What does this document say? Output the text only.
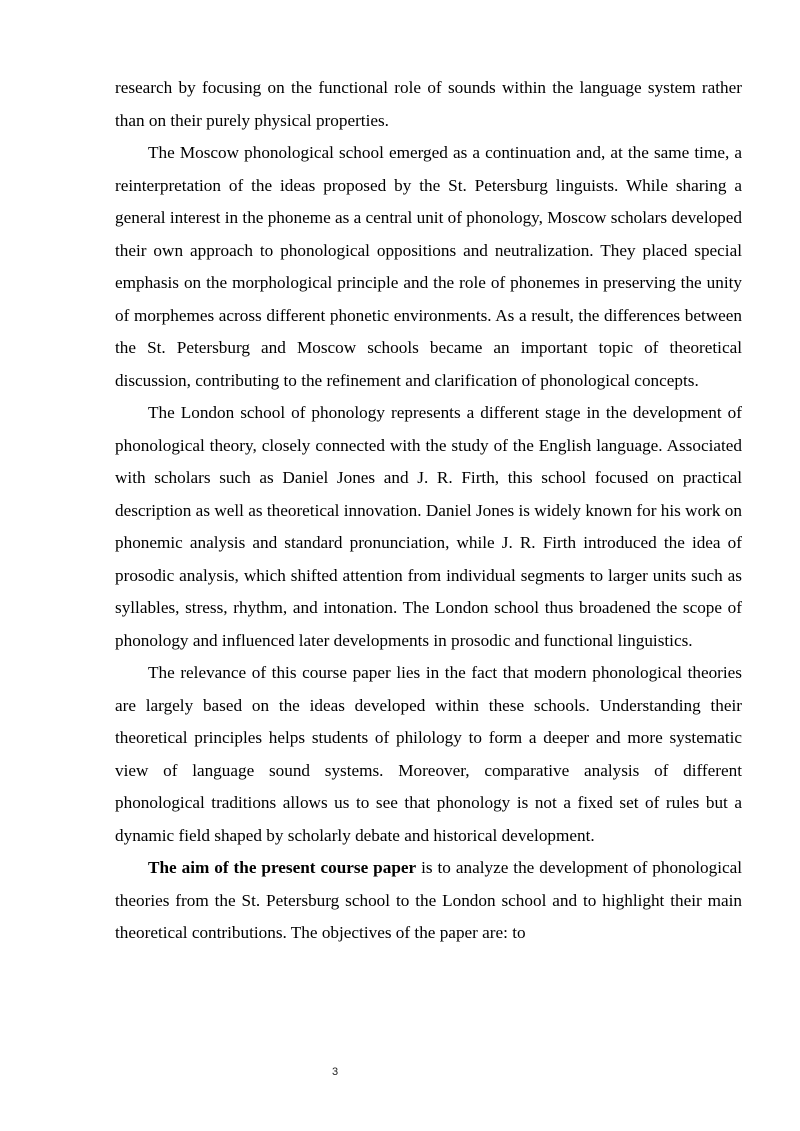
research by focusing on the functional role of sounds within the language system rather than on their purely physical properties.

The Moscow phonological school emerged as a continuation and, at the same time, a reinterpretation of the ideas proposed by the St. Petersburg linguists. While sharing a general interest in the phoneme as a central unit of phonology, Moscow scholars developed their own approach to phonological oppositions and neutralization. They placed special emphasis on the morphological principle and the role of phonemes in preserving the unity of morphemes across different phonetic environments. As a result, the differences between the St. Petersburg and Moscow schools became an important topic of theoretical discussion, contributing to the refinement and clarification of phonological concepts.

The London school of phonology represents a different stage in the development of phonological theory, closely connected with the study of the English language. Associated with scholars such as Daniel Jones and J. R. Firth, this school focused on practical description as well as theoretical innovation. Daniel Jones is widely known for his work on phonemic analysis and standard pronunciation, while J. R. Firth introduced the idea of prosodic analysis, which shifted attention from individual segments to larger units such as syllables, stress, rhythm, and intonation. The London school thus broadened the scope of phonology and influenced later developments in prosodic and functional linguistics.

The relevance of this course paper lies in the fact that modern phonological theories are largely based on the ideas developed within these schools. Understanding their theoretical principles helps students of philology to form a deeper and more systematic view of language sound systems. Moreover, comparative analysis of different phonological traditions allows us to see that phonology is not a fixed set of rules but a dynamic field shaped by scholarly debate and historical development.

The aim of the present course paper is to analyze the development of phonological theories from the St. Petersburg school to the London school and to highlight their main theoretical contributions. The objectives of the paper are: to

3
